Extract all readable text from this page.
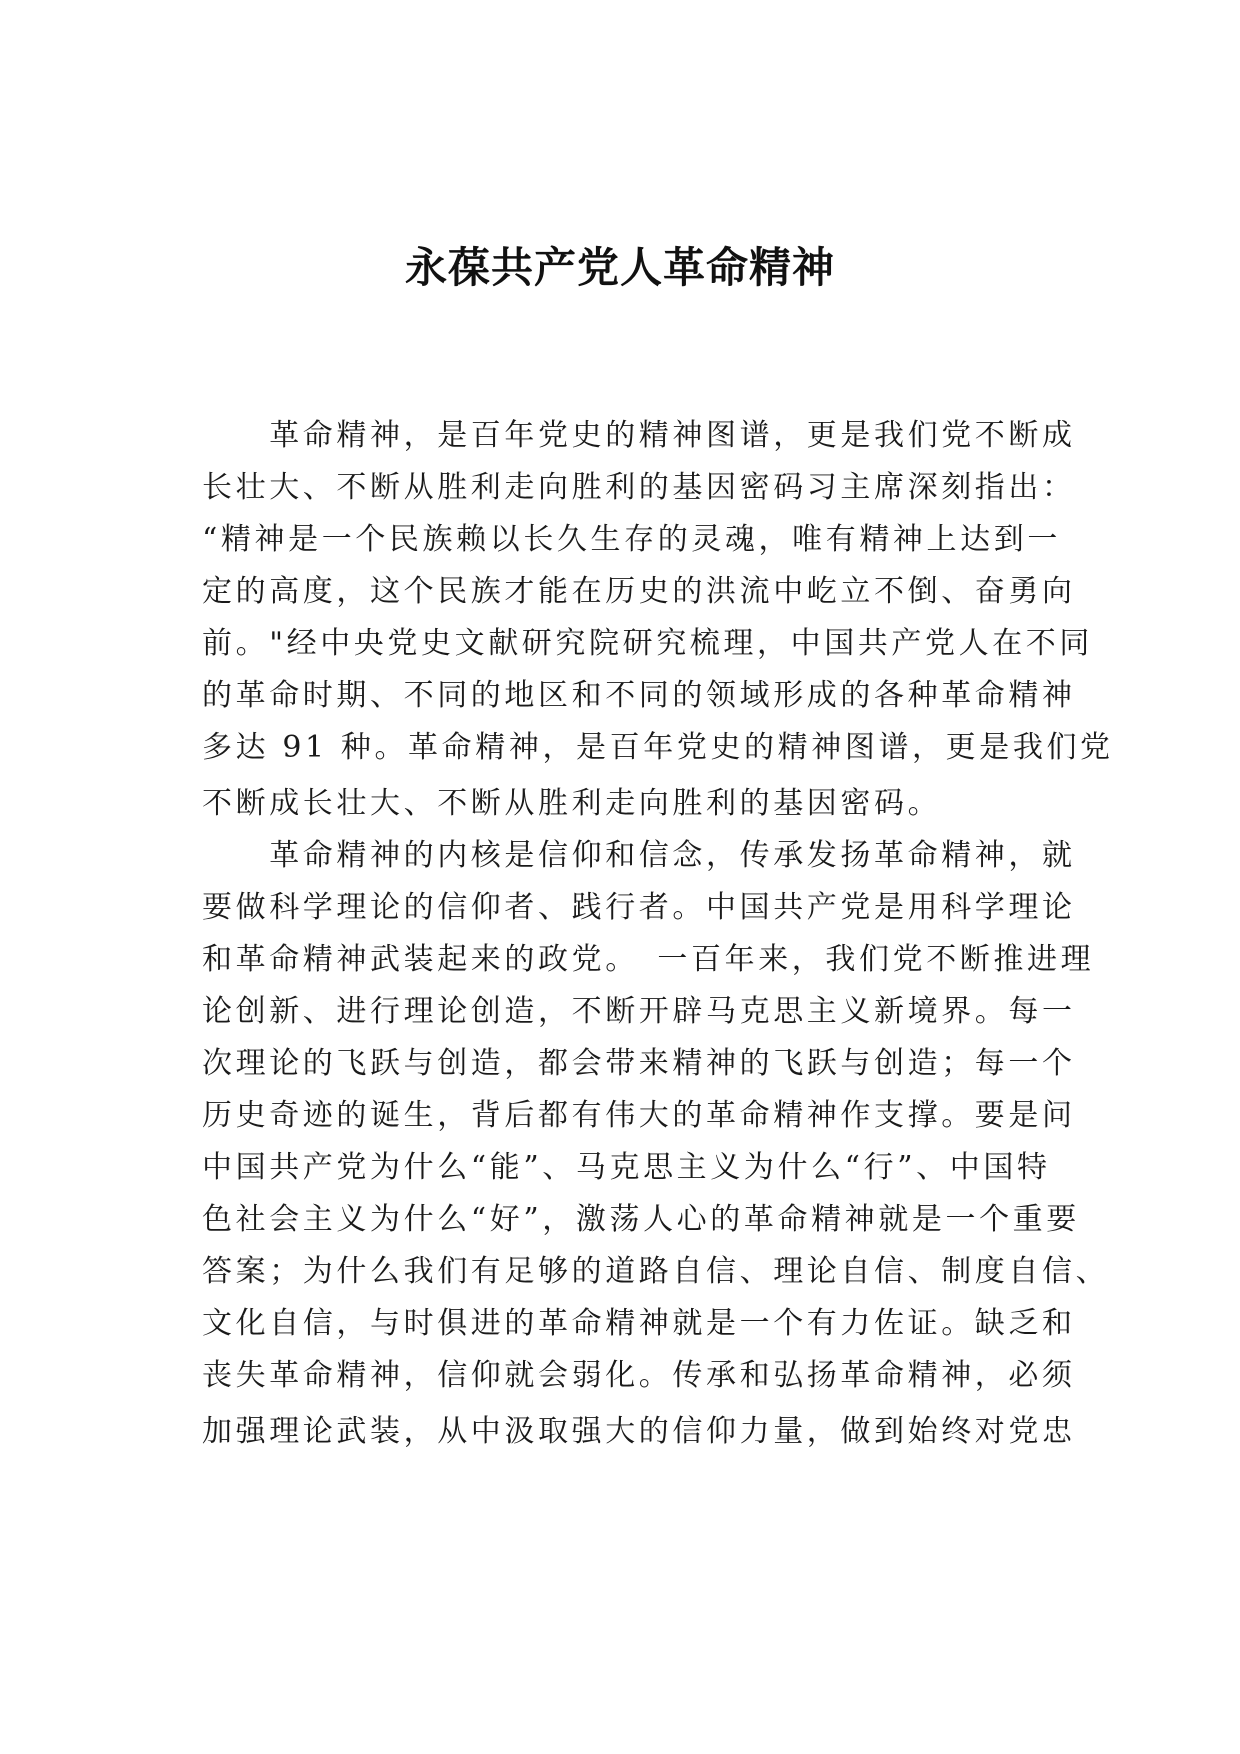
永葆共产党人革命精神
　　革命精神，是百年党史的精神图谱，更是我们党不断成
长壮大、不断从胜利走向胜利的基因密码习主席深刻指出：
“精神是一个民族赖以长久生存的灵魂，唯有精神上达到一
定的高度，这个民族才能在历史的洪流中屹立不倒、奋勇向
前。"经中央党史文献研究院研究梳理，中国共产党人在不同
的革命时期、不同的地区和不同的领域形成的各种革命精神
多达 91 种。革命精神，是百年党史的精神图谱，更是我们党
不断成长壮大、不断从胜利走向胜利的基因密码。
　　革命精神的内核是信仰和信念，传承发扬革命精神，就
要做科学理论的信仰者、践行者。中国共产党是用科学理论
和革命精神武装起来的政党。　一百年来，我们党不断推进理
论创新、进行理论创造，不断开辟马克思主义新境界。每一
次理论的飞跃与创造，都会带来精神的飞跃与创造；每一个
历史奇迹的诞生，背后都有伟大的革命精神作支撑。要是问
中国共产党为什么“能”、马克思主义为什么“行”、中国特
色社会主义为什么“好”，激荡人心的革命精神就是一个重要
答案；为什么我们有足够的道路自信、理论自信、制度自信、
文化自信，与时俱进的革命精神就是一个有力佐证。缺乏和
丧失革命精神，信仰就会弱化。传承和弘扬革命精神，必须
加强理论武装，从中汲取强大的信仰力量，做到始终对党忠
